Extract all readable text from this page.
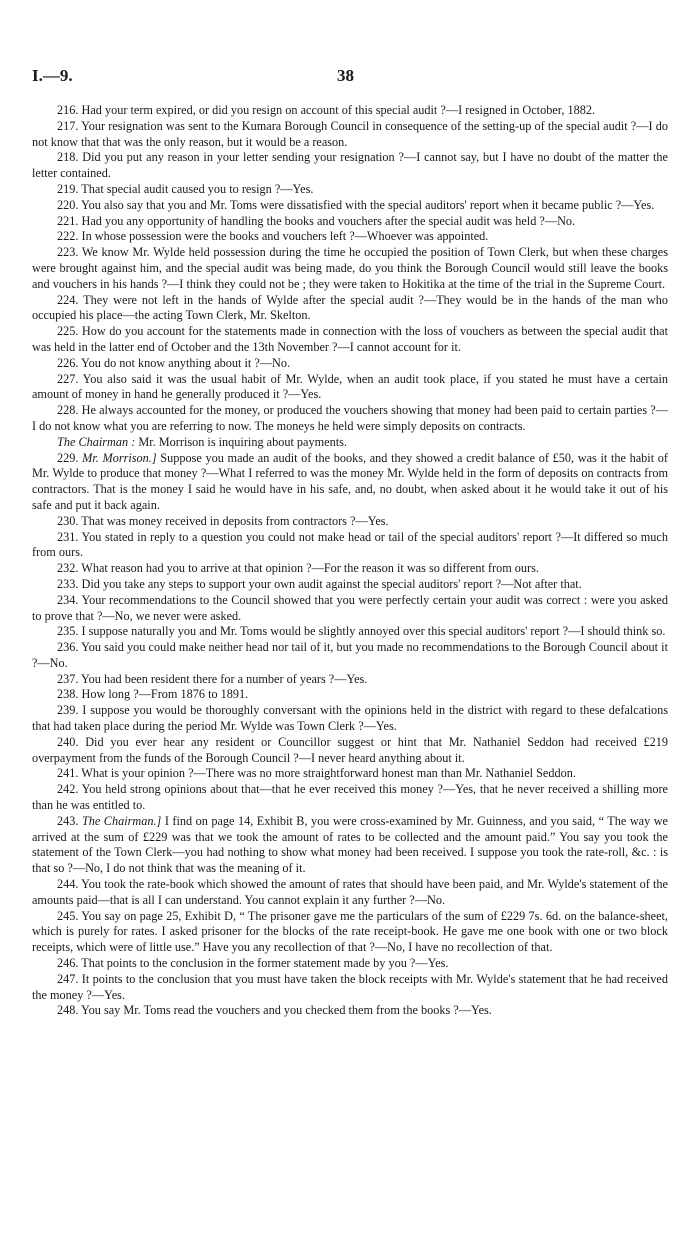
I.—9.	38

216. Had your term expired, or did you resign on account of this special audit ?—I resigned in October, 1882.

217. Your resignation was sent to the Kumara Borough Council in consequence of the setting-up of the special audit ?—I do not know that that was the only reason, but it would be a reason.

218. Did you put any reason in your letter sending your resignation ?—I cannot say, but I have no doubt of the matter the letter contained.

219. That special audit caused you to resign ?—Yes.

220. You also say that you and Mr. Toms were dissatisfied with the special auditors' report when it became public ?—Yes.

221. Had you any opportunity of handling the books and vouchers after the special audit was held ?—No.

222. In whose possession were the books and vouchers left ?—Whoever was appointed.

223. We know Mr. Wylde held possession during the time he occupied the position of Town Clerk, but when these charges were brought against him, and the special audit was being made, do you think the Borough Council would still leave the books and vouchers in his hands ?—I think they could not be ; they were taken to Hokitika at the time of the trial in the Supreme Court.

224. They were not left in the hands of Wylde after the special audit ?—They would be in the hands of the man who occupied his place—the acting Town Clerk, Mr. Skelton.

225. How do you account for the statements made in connection with the loss of vouchers as between the special audit that was held in the latter end of October and the 13th November ?—I cannot account for it.

226. You do not know anything about it ?—No.

227. You also said it was the usual habit of Mr. Wylde, when an audit took place, if you stated he must have a certain amount of money in hand he generally produced it ?—Yes.

228. He always accounted for the money, or produced the vouchers showing that money had been paid to certain parties ?—I do not know what you are referring to now. The moneys he held were simply deposits on contracts.

The Chairman : Mr. Morrison is inquiring about payments.

229. Mr. Morrison.] Suppose you made an audit of the books, and they showed a credit balance of £50, was it the habit of Mr. Wylde to produce that money ?—What I referred to was the money Mr. Wylde held in the form of deposits on contracts from contractors. That is the money I said he would have in his safe, and, no doubt, when asked about it he would take it out of his safe and put it back again.

230. That was money received in deposits from contractors ?—Yes.

231. You stated in reply to a question you could not make head or tail of the special auditors' report ?—It differed so much from ours.

232. What reason had you to arrive at that opinion ?—For the reason it was so different from ours.

233. Did you take any steps to support your own audit against the special auditors' report ?—Not after that.

234. Your recommendations to the Council showed that you were perfectly certain your audit was correct : were you asked to prove that ?—No, we never were asked.

235. I suppose naturally you and Mr. Toms would be slightly annoyed over this special auditors' report ?—I should think so.

236. You said you could make neither head nor tail of it, but you made no recommendations to the Borough Council about it ?—No.

237. You had been resident there for a number of years ?—Yes.

238. How long ?—From 1876 to 1891.

239. I suppose you would be thoroughly conversant with the opinions held in the district with regard to these defalcations that had taken place during the period Mr. Wylde was Town Clerk ?—Yes.

240. Did you ever hear any resident or Councillor suggest or hint that Mr. Nathaniel Seddon had received £219 overpayment from the funds of the Borough Council ?—I never heard anything about it.

241. What is your opinion ?—There was no more straightforward honest man than Mr. Nathaniel Seddon.

242. You held strong opinions about that—that he ever received this money ?—Yes, that he never received a shilling more than he was entitled to.

243. The Chairman.] I find on page 14, Exhibit B, you were cross-examined by Mr. Guinness, and you said, “ The way we arrived at the sum of £229 was that we took the amount of rates to be collected and the amount paid.” You say you took the statement of the Town Clerk—you had nothing to show what money had been received. I suppose you took the rate-roll, &c. : is that so ?—No, I do not think that was the meaning of it.

244. You took the rate-book which showed the amount of rates that should have been paid, and Mr. Wylde's statement of the amounts paid—that is all I can understand. You cannot explain it any further ?—No.

245. You say on page 25, Exhibit D, “ The prisoner gave me the particulars of the sum of £229 7s. 6d. on the balance-sheet, which is purely for rates. I asked prisoner for the blocks of the rate receipt-book. He gave me one book with one or two block receipts, which were of little use.” Have you any recollection of that ?—No, I have no recollection of that.

246. That points to the conclusion in the former statement made by you ?—Yes.

247. It points to the conclusion that you must have taken the block receipts with Mr. Wylde's statement that he had received the money ?—Yes.

248. You say Mr. Toms read the vouchers and you checked them from the books ?—Yes.
